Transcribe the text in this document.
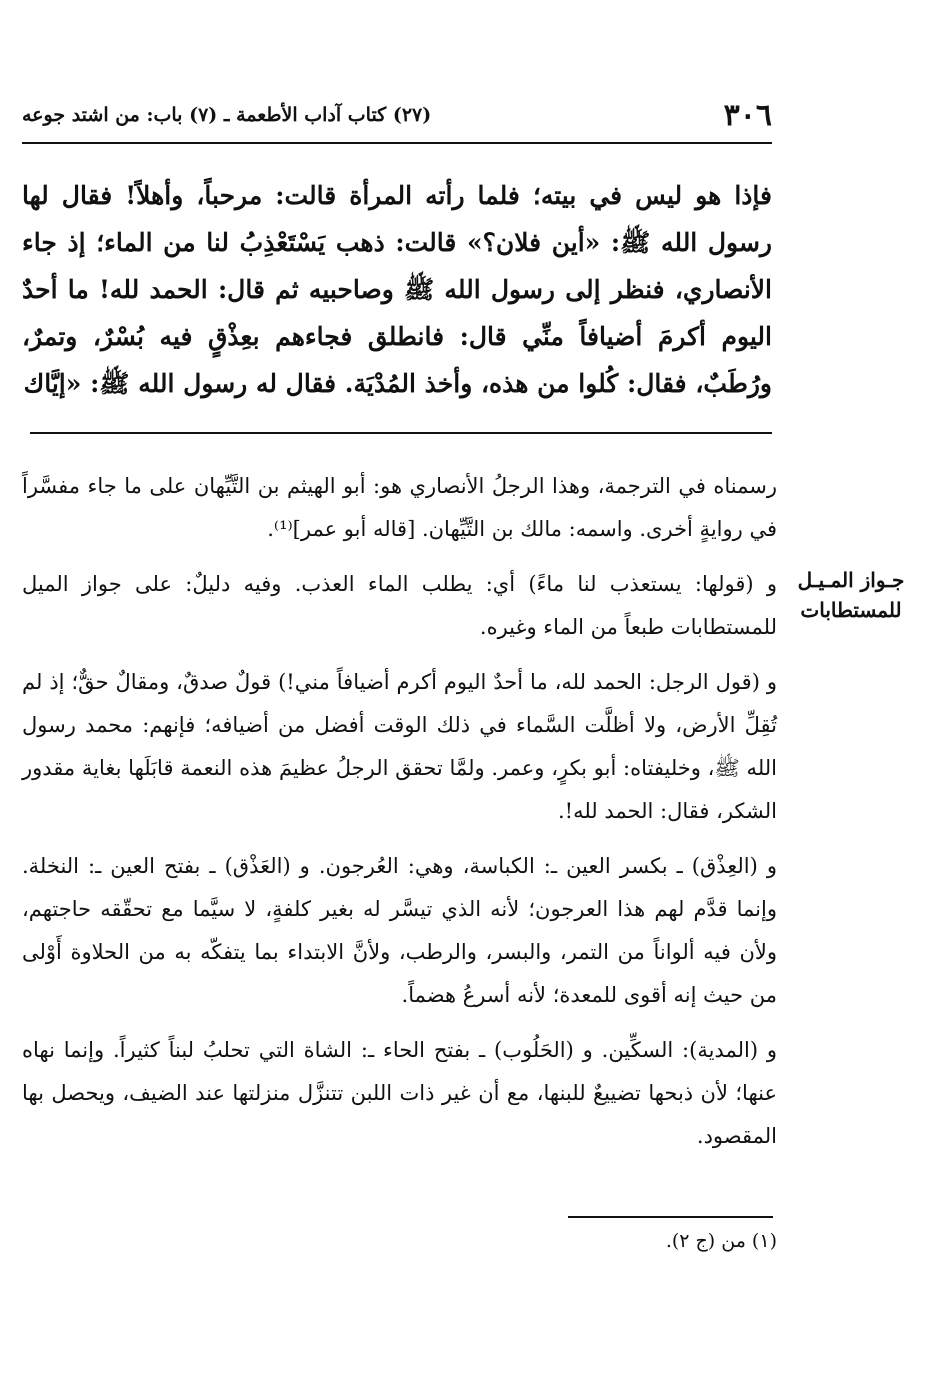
٣٠٦
(٢٧) كتاب آداب الأطعمة ـ (٧) باب: من اشتد جوعه

فإذا هو ليس في بيته؛ فلما رأته المرأة قالت: مرحباً، وأهلاً! فقال لها رسول الله ﷺ: «أين فلان؟» قالت: ذهب يَسْتَعْذِبُ لنا من الماء؛ إذ جاء الأنصاري، فنظر إلى رسول الله ﷺ وصاحبيه ثم قال: الحمد لله! ما أحدٌ اليوم أكرمَ أضيافاً منِّي قال: فانطلق فجاءهم بعِذْقٍ فيه بُسْرٌ، وتمرٌ، ورُطَبٌ، فقال: كُلوا من هذه، وأخذ المُدْيَة. فقال له رسول الله ﷺ: «إيَّاك

جـواز المـيـل
للمستطابات

رسمناه في الترجمة، وهذا الرجلُ الأنصاري هو: أبو الهيثم بن التَّيِّهان على ما جاء مفسَّراً في روايةٍ أخرى. واسمه: مالك بن التَّيِّهان. [قاله أبو عمر]⁽¹⁾.

و (قولها: يستعذب لنا ماءً) أي: يطلب الماء العذب. وفيه دليلٌ: على جواز الميل للمستطابات طبعاً من الماء وغيره.

و (قول الرجل: الحمد لله، ما أحدٌ اليوم أكرم أضيافاً مني!) قولٌ صدقٌ، ومقالٌ حقٌّ؛ إذ لم تُقِلِّ الأرض، ولا أظلَّت السَّماء في ذلك الوقت أفضل من أضيافه؛ فإنهم: محمد رسول الله ﷺ، وخليفتاه: أبو بكرٍ، وعمر. ولمَّا تحقق الرجلُ عظيمَ هذه النعمة قابَلَها بغاية مقدور الشكر، فقال: الحمد لله!.

و (العِذْق) ـ بكسر العين ـ: الكباسة، وهي: العُرجون. و (العَذْق) ـ بفتح العين ـ: النخلة. وإنما قدَّم لهم هذا العرجون؛ لأنه الذي تيسَّر له بغير كلفةٍ، لا سيَّما مع تحقّقه حاجتهم، ولأن فيه ألواناً من التمر، والبسر، والرطب، ولأنَّ الابتداء بما يتفكّه به من الحلاوة أَوْلى من حيث إنه أقوى للمعدة؛ لأنه أسرعُ هضماً.

و (المدية): السكِّين. و (الحَلُوب) ـ بفتح الحاء ـ: الشاة التي تحلبُ لبناً كثيراً. وإنما نهاه عنها؛ لأن ذبحها تضييعٌ للبنها، مع أن غير ذات اللبن تتنزَّل منزلتها عند الضيف، ويحصل بها المقصود.

(١) من (ج ٢).
